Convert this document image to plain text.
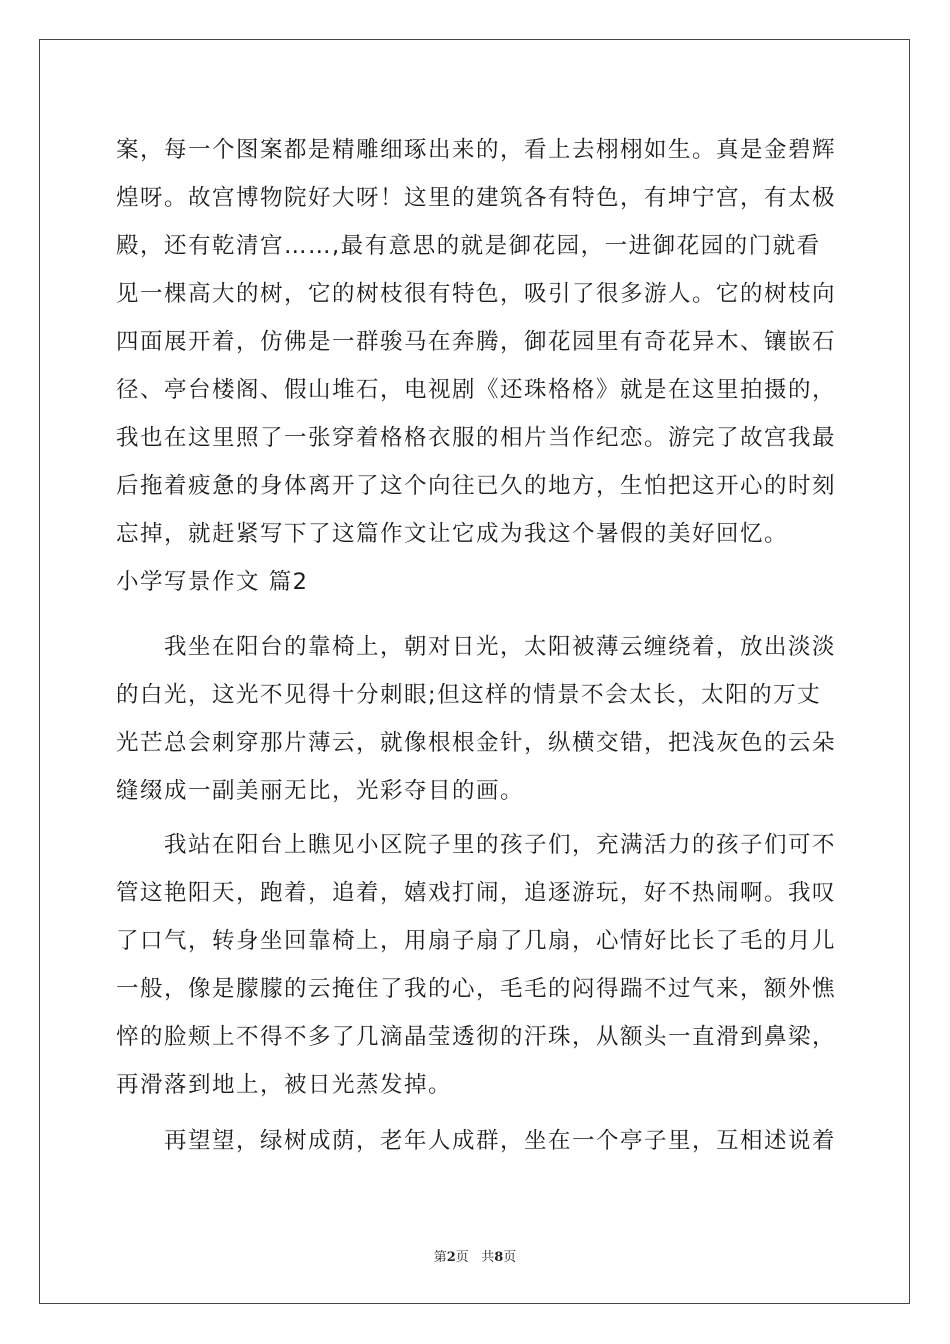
案，每一个图案都是精雕细琢出来的，看上去栩栩如生。真是金碧辉
煌呀。故宫博物院好大呀！这里的建筑各有特色，有坤宁宫，有太极
殿，还有乾清宫……,最有意思的就是御花园，一进御花园的门就看
见一棵高大的树，它的树枝很有特色，吸引了很多游人。它的树枝向
四面展开着，仿佛是一群骏马在奔腾，御花园里有奇花异木、镶嵌石
径、亭台楼阁、假山堆石，电视剧《还珠格格》就是在这里拍摄的，
我也在这里照了一张穿着格格衣服的相片当作纪恋。游完了故宫我最
后拖着疲惫的身体离开了这个向往已久的地方，生怕把这开心的时刻
忘掉，就赶紧写下了这篇作文让它成为我这个暑假的美好回忆。
小学写景作文 篇2
我坐在阳台的靠椅上，朝对日光，太阳被薄云缠绕着，放出淡淡
的白光，这光不见得十分刺眼;但这样的情景不会太长，太阳的万丈
光芒总会刺穿那片薄云，就像根根金针，纵横交错，把浅灰色的云朵
缝缀成一副美丽无比，光彩夺目的画。
我站在阳台上瞧见小区院子里的孩子们，充满活力的孩子们可不
管这艳阳天，跑着，追着，嬉戏打闹，追逐游玩，好不热闹啊。我叹
了口气，转身坐回靠椅上，用扇子扇了几扇，心情好比长了毛的月儿
一般，像是朦朦的云掩住了我的心，毛毛的闷得踹不过气来，额外憔
悴的脸颊上不得不多了几滴晶莹透彻的汗珠，从额头一直滑到鼻梁，
再滑落到地上，被日光蒸发掉。
再望望，绿树成荫，老年人成群，坐在一个亭子里，互相述说着
第2页 共8页
